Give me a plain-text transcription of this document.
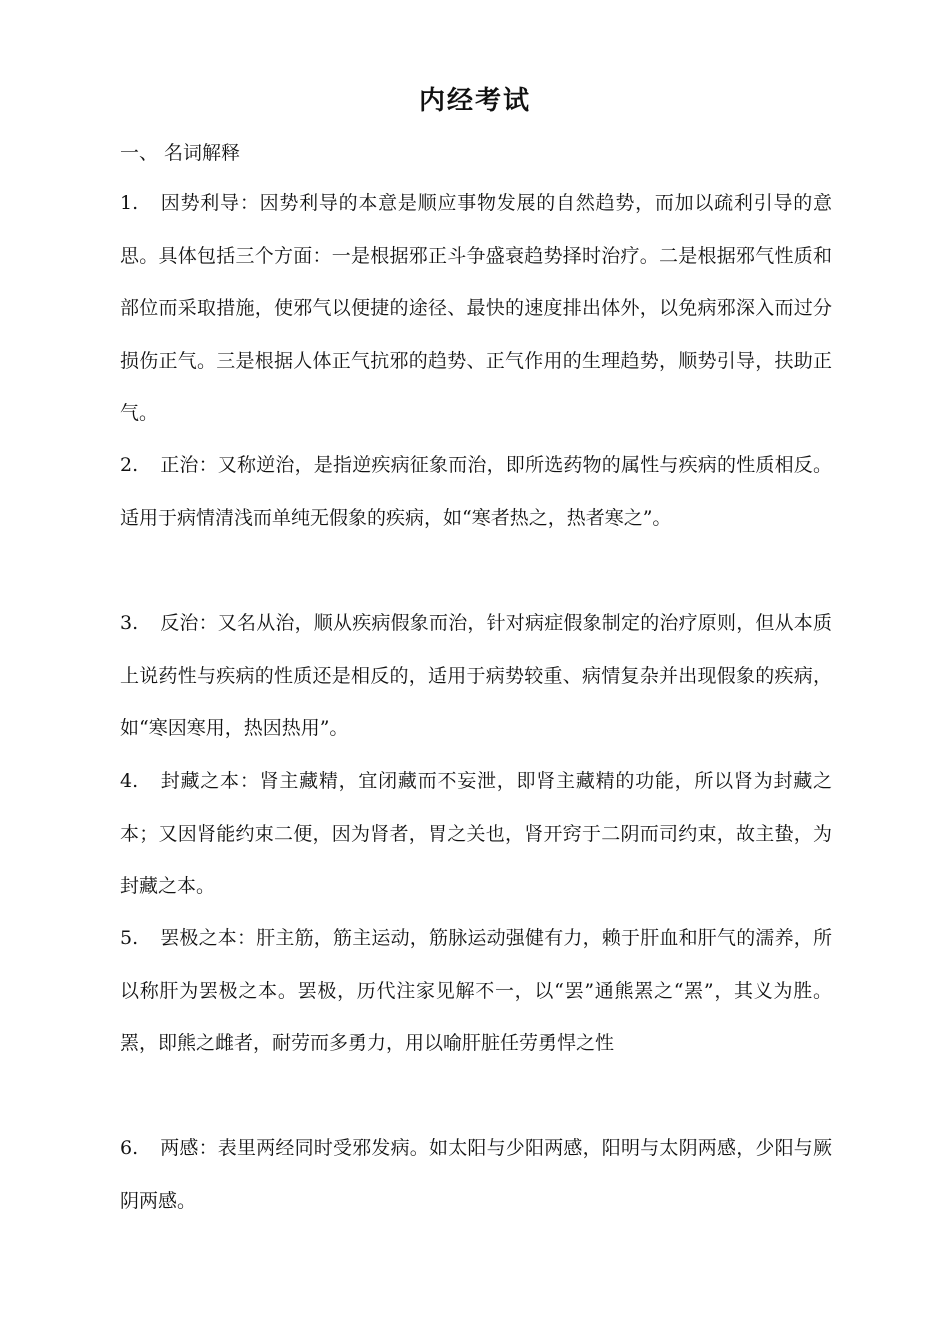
内经考试
一、 名词解释
1. 因势利导：因势利导的本意是顺应事物发展的自然趋势，而加以疏利引导的意思。具体包括三个方面：一是根据邪正斗争盛衰趋势择时治疗。二是根据邪气性质和部位而采取措施，使邪气以便捷的途径、最快的速度排出体外，以免病邪深入而过分损伤正气。三是根据人体正气抗邪的趋势、正气作用的生理趋势，顺势引导，扶助正气。
2. 正治：又称逆治，是指逆疾病征象而治，即所选药物的属性与疾病的性质相反。适用于病情清浅而单纯无假象的疾病，如“寒者热之，热者寒之”。
3. 反治：又名从治，顺从疾病假象而治，针对病症假象制定的治疗原则，但从本质上说药性与疾病的性质还是相反的，适用于病势较重、病情复杂并出现假象的疾病，如“寒因寒用，热因热用”。
4. 封藏之本：肾主藏精，宜闭藏而不妄泄，即肾主藏精的功能，所以肾为封藏之本；又因肾能约束二便，因为肾者，胃之关也，肾开窍于二阴而司约束，故主蛰，为封藏之本。
5. 罢极之本：肝主筋，筋主运动，筋脉运动强健有力，赖于肝血和肝气的濡养，所以称肝为罢极之本。罢极，历代注家见解不一，以“罢”通熊罴之“罴”，其义为胜。罴，即熊之雌者，耐劳而多勇力，用以喻肝脏任劳勇悍之性
6. 两感：表里两经同时受邪发病。如太阳与少阳两感，阳明与太阴两感，少阳与厥阴两感。
